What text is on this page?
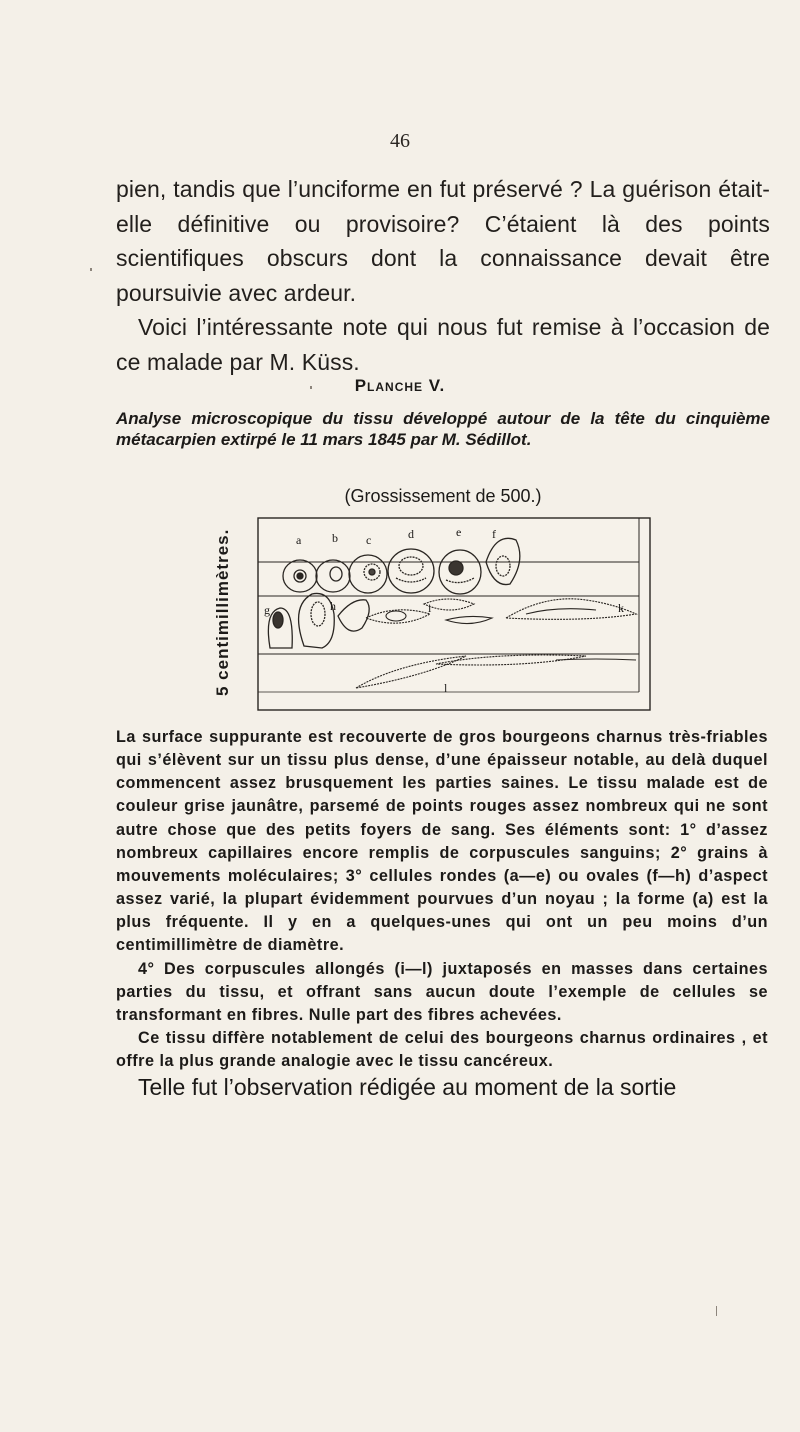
46
pien, tandis que l’unciforme en fut préservé ? La guérison était-elle définitive ou provisoire? C’étaient là des points scientifiques obscurs dont la connaissance devait être poursuivie avec ardeur.
Voici l’intéressante note qui nous fut remise à l’occasion de ce malade par M. Küss.
Planche V.
Analyse microscopique du tissu développé autour de la tête du cinquième métacarpien extirpé le 11 mars 1845 par M. Sédillot.
(Grossissement de 500.)
5 centimillimètres.	a	b c	d	e	f
g	h	i	k
l

La surface suppurante est recouverte de gros bourgeons charnus très-friables qui s’élèvent sur un tissu plus dense, d’une épaisseur notable, au delà duquel commencent assez brusquement les parties saines. Le tissu malade est de couleur grise jaunâtre, parsemé de points rouges assez nombreux qui ne sont autre chose que des petits foyers de sang. Ses éléments sont: 1° d’assez nombreux capillaires encore remplis de corpuscules sanguins; 2° grains à mouvements moléculaires; 3° cellules rondes (a—e) ou ovales (f—h) d’aspect assez varié, la plupart évidemment pourvues d’un noyau ; la forme (a) est la plus fréquente. Il y en a quelques-unes qui ont un peu moins d’un centimillimètre de diamètre.

4° Des corpuscules allongés (i—l) juxtaposés en masses dans certaines parties du tissu, et offrant sans aucun doute l’exemple de cellules se transformant en fibres. Nulle part des fibres achevées.

Ce tissu diffère notablement de celui des bourgeons charnus ordinaires , et offre la plus grande analogie avec le tissu cancéreux.

Telle fut l’observation rédigée au moment de la sortie
